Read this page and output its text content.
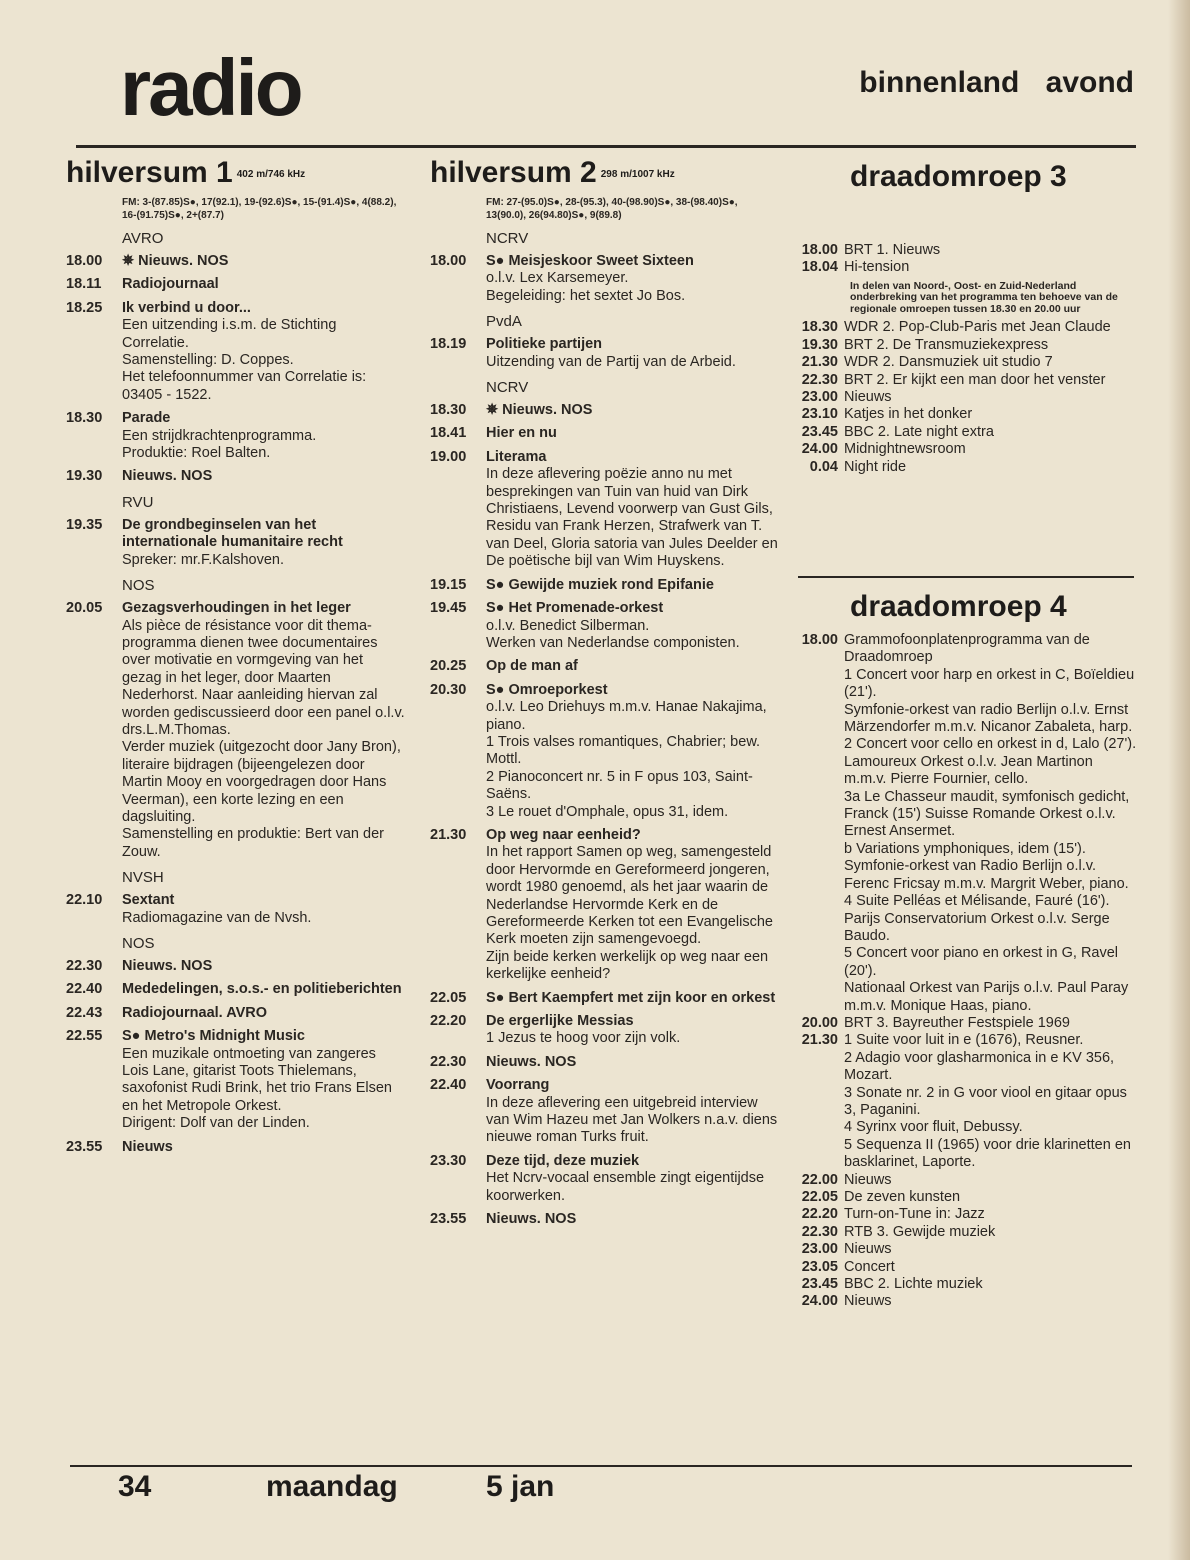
radio	binnenland avond
hilversum 1 $^{402 m/746 kHz}$
FM: 3-(87.85)S●, 17(92.1), 19-(92.6)S●, 15-(91.4)S●, 4(88.2), 16-(91.75)S●, 2+(87.7)
AVRO
18.00	✵ Nieuws. NOS
18.11	Radiojournaal
18.25	Ik verbind u door...
Een uitzending i.s.m. de Stichting Correlatie.
Samenstelling: D. Coppes.
Het telefoonnummer van Correlatie is: 03405 - 1522.
18.30	Parade
Een strijdkrachtenprogramma.
Produktie: Roel Balten.
19.30	Nieuws. NOS
RVU
19.35	De grondbeginselen van het internationale humanitaire recht
Spreker: mr.F.Kalshoven.
NOS
20.05	Gezagsverhoudingen in het leger
Als pièce de résistance voor dit thema-programma dienen twee documentaires over motivatie en vormgeving van het gezag in het leger, door Maarten Nederhorst. Naar aanleiding hiervan zal worden gediscussieerd door een panel o.l.v. drs.L.M.Thomas.
Verder muziek (uitgezocht door Jany Bron), literaire bijdragen (bijeengelezen door Martin Mooy en voorgedragen door Hans Veerman), een korte lezing en een dagsluiting.
Samenstelling en produktie: Bert van der Zouw.
NVSH
22.10	Sextant
Radiomagazine van de Nvsh.
NOS
22.30	Nieuws. NOS
22.40	Mededelingen, s.o.s.- en politieberichten
22.43	Radiojournaal. AVRO
22.55	S● Metro's Midnight Music
Een muzikale ontmoeting van zangeres Lois Lane, gitarist Toots Thielemans, saxofonist Rudi Brink, het trio Frans Elsen en het Metropole Orkest.
Dirigent: Dolf van der Linden.
23.55	Nieuws
hilversum 2 $^{298 m/1007 kHz}$
FM: 27-(95.0)S●, 28-(95.3), 40-(98.90)S●, 38-(98.40)S●, 13(90.0), 26(94.80)S●, 9(89.8)
NCRV
18.00	S● Meisjeskoor Sweet Sixteen
o.l.v. Lex Karsemeyer.
Begeleiding: het sextet Jo Bos.
PvdA
18.19	Politieke partijen
Uitzending van de Partij van de Arbeid.
NCRV
18.30	✵ Nieuws. NOS
18.41	Hier en nu
19.00	Literama
In deze aflevering poëzie anno nu met besprekingen van Tuin van huid van Dirk Christiaens, Levend voorwerp van Gust Gils, Residu van Frank Herzen, Strafwerk van T. van Deel, Gloria satoria van Jules Deelder en De poëtische bijl van Wim Huyskens.
19.15	S● Gewijde muziek rond Epifanie
19.45	S● Het Promenade-orkest
o.l.v. Benedict Silberman.
Werken van Nederlandse componisten.
20.25	Op de man af
20.30	S● Omroeporkest
o.l.v. Leo Driehuys m.m.v. Hanae Nakajima, piano.
1 Trois valses romantiques, Chabrier; bew. Mottl.
2 Pianoconcert nr. 5 in F opus 103, Saint-Saëns.
3 Le rouet d'Omphale, opus 31, idem.
21.30	Op weg naar eenheid?
In het rapport Samen op weg, samengesteld door Hervormde en Gereformeerd jongeren, wordt 1980 genoemd, als het jaar waarin de Nederlandse Hervormde Kerk en de Gereformeerde Kerken tot een Evangelische Kerk moeten zijn samengevoegd.
Zijn beide kerken werkelijk op weg naar een kerkelijke eenheid?
22.05	S● Bert Kaempfert met zijn koor en orkest
22.20	De ergerlijke Messias
1 Jezus te hoog voor zijn volk.
22.30	Nieuws. NOS
22.40	Voorrang
In deze aflevering een uitgebreid interview van Wim Hazeu met Jan Wolkers n.a.v. diens nieuwe roman Turks fruit.
23.30	Deze tijd, deze muziek
Het Ncrv-vocaal ensemble zingt eigentijdse koorwerken.
23.55	Nieuws. NOS
draadomroep 3
18.00 BRT 1. Nieuws
18.04 Hi-tension
In delen van Noord-, Oost- en Zuid-Nederland onderbreking van het programma ten behoeve van de regionale omroepen tussen 18.30 en 20.00 uur
18.30 WDR 2. Pop-Club-Paris met Jean Claude
19.30 BRT 2. De Transmuziekexpress
21.30 WDR 2. Dansmuziek uit studio 7
22.30 BRT 2. Er kijkt een man door het venster
23.00 Nieuws
23.10 Katjes in het donker
23.45 BBC 2. Late night extra
24.00 Midnightnewsroom
0.04 Night ride
draadomroep 4
18.00 Grammofoonplatenprogramma van de Draadomroep
1 Concert voor harp en orkest in C, Boïeldieu (21').
Symfonie-orkest van radio Berlijn o.l.v. Ernst Märzendorfer m.m.v. Nicanor Zabaleta, harp.
2 Concert voor cello en orkest in d, Lalo (27').
Lamoureux Orkest o.l.v. Jean Martinon m.m.v. Pierre Fournier, cello.
3a Le Chasseur maudit, symfonisch gedicht, Franck (15') Suisse Romande Orkest o.l.v. Ernest Ansermet.
b Variations ymphoniques, idem (15').
Symfonie-orkest van Radio Berlijn o.l.v. Ferenc Fricsay m.m.v. Margrit Weber, piano.
4 Suite Pelléas et Mélisande, Fauré (16').
Parijs Conservatorium Orkest o.l.v. Serge Baudo.
5 Concert voor piano en orkest in G, Ravel (20').
Nationaal Orkest van Parijs o.l.v. Paul Paray m.m.v. Monique Haas, piano.
20.00 BRT 3. Bayreuther Festspiele 1969
21.30 1 Suite voor luit in e (1676), Reusner.
2 Adagio voor glasharmonica in e KV 356, Mozart.
3 Sonate nr. 2 in G voor viool en gitaar opus 3, Paganini.
4 Syrinx voor fluit, Debussy.
5 Sequenza II (1965) voor drie klarinetten en basklarinet, Laporte.
22.00 Nieuws
22.05 De zeven kunsten
22.20 Turn-on-Tune in: Jazz
22.30 RTB 3. Gewijde muziek
23.00 Nieuws
23.05 Concert
23.45 BBC 2. Lichte muziek
24.00 Nieuws
34	maandag	5 jan
